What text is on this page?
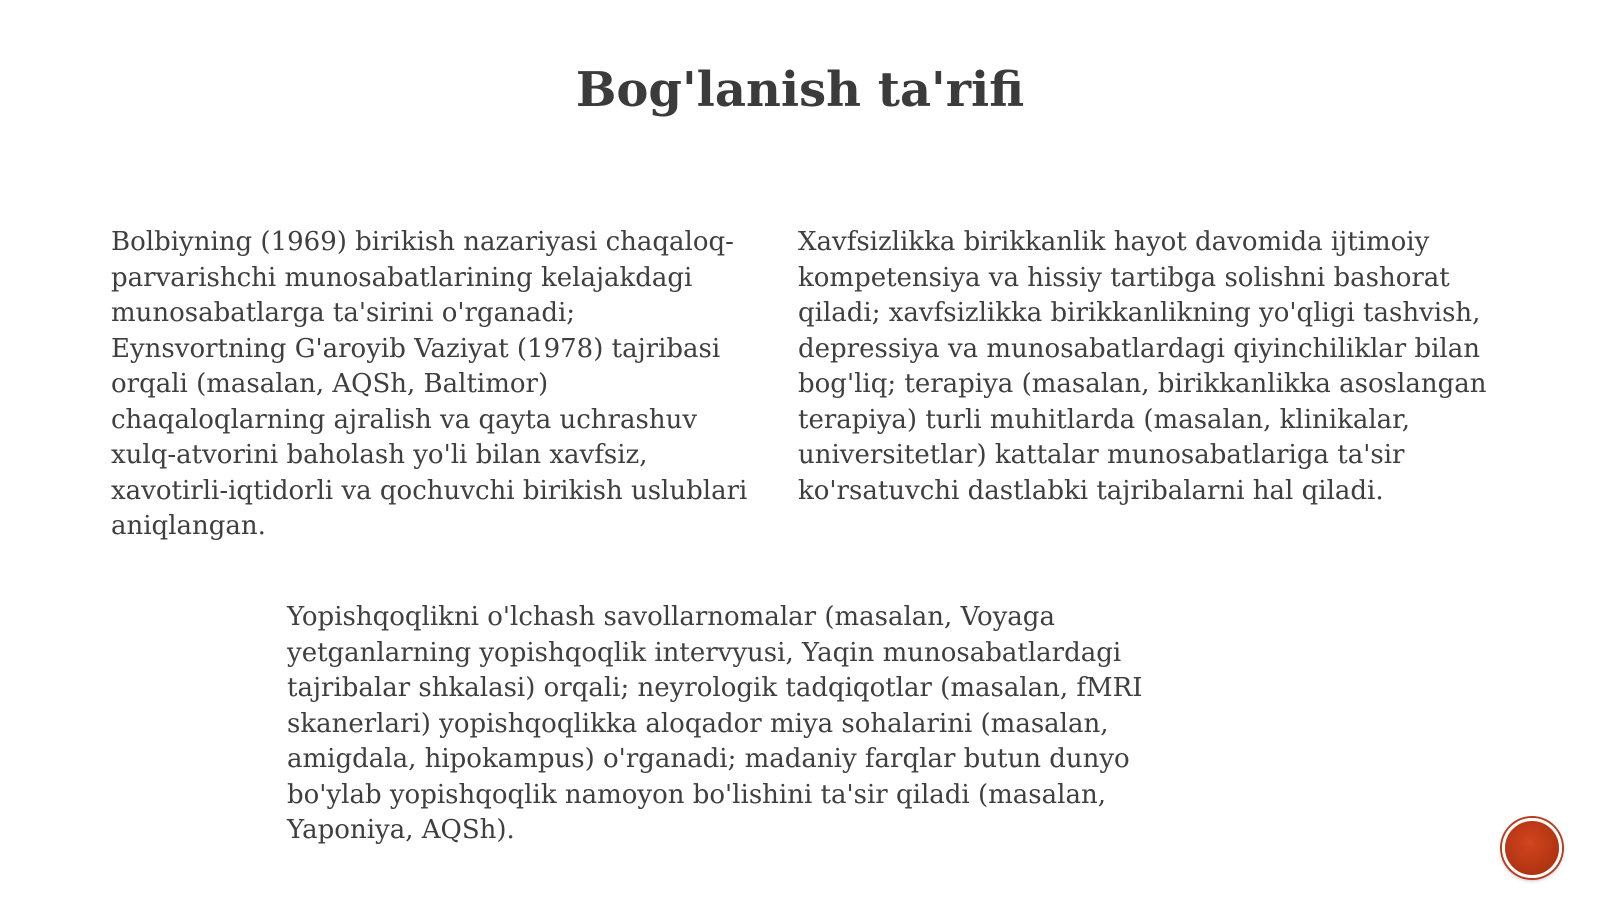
Bog'lanish ta'rifi

Bolbiyning (1969) birikish nazariyasi chaqaloq-parvarishchi munosabatlarining kelajakdagi munosabatlarga ta'sirini o'rganadi; Eynsvortning G'aroyib Vaziyat (1978) tajribasi orqali (masalan, AQSh, Baltimor) chaqaloqlarning ajralish va qayta uchrashuv xulq-atvorini baholash yo'li bilan xavfsiz, xavotirli-iqtidorli va qochuvchi birikish uslublari aniqlangan.

Xavfsizlikka birikkanlik hayot davomida ijtimoiy kompetensiya va hissiy tartibga solishni bashorat qiladi; xavfsizlikka birikkanlikning yo'qligi tashvish, depressiya va munosabatlardagi qiyinchiliklar bilan bog'liq; terapiya (masalan, birikkanlikka asoslangan terapiya) turli muhitlarda (masalan, klinikalar, universitetlar) kattalar munosabatlariga ta'sir ko'rsatuvchi dastlabki tajribalarni hal qiladi.

Yopishqoqlikni o'lchash savollarnomalar (masalan, Voyaga yetganlarning yopishqoqlik intervyusi, Yaqin munosabatlardagi tajribalar shkalasi) orqali; neyrologik tadqiqotlar (masalan, fMRI skanerlari) yopishqoqlikka aloqador miya sohalarini (masalan, amigdala, hipokampus) o'rganadi; madaniy farqlar butun dunyo bo'ylab yopishqoqlik namoyon bo'lishini ta'sir qiladi (masalan, Yaponiya, AQSh).
